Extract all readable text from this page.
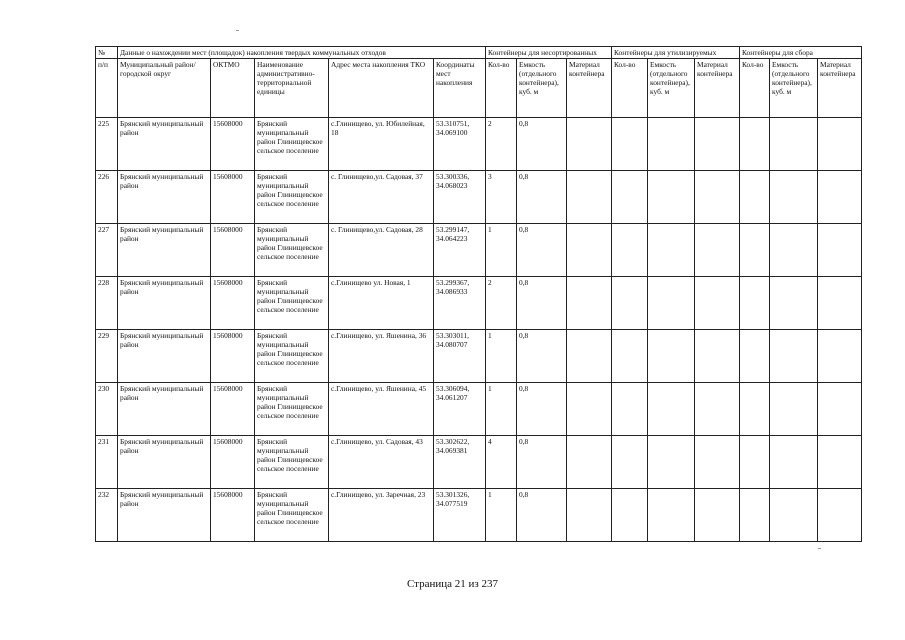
№	Данные о нахождении мест (площадок) накопления твердых коммунальных отходов					Контейнеры для несортированных			Контейнеры для утилизируемых			Контейнеры для сбора		
п/п	Муниципальный район/городской округ	ОКТМО	Наименование административно-территориальной единицы	Адрес места накопления ТКО	Координаты мест накопления	Кол-во	Емкость (отдельного контейнера), куб. м	Материал контейнера	Кол-во	Емкость (отдельного контейнера), куб. м	Материал контейнера	Кол-во	Емкость (отдельного контейнера), куб. м	Материал контейнера
225	Брянский муниципальный район	15608000	Брянский муниципальный район Глинищевское сельское поселение	с.Глинищево, ул. Юбилейная, 18	53.310751, 34.069100	2	0,8							
226	Брянский муниципальный район	15608000	Брянский муниципальный район Глинищевское сельское поселение	с. Глинищево,ул. Садовая, 37	53.300336, 34.068023	3	0,8							
227	Брянский муниципальный район	15608000	Брянский муниципальный район Глинищевское сельское поселение	с. Глинищево,ул. Садовая, 28	53.299147, 34.064223	1	0,8							
228	Брянский муниципальный район	15608000	Брянский муниципальный район Глинищевское сельское поселение	с.Глинищево ул. Новая, 1	53.299367, 34.086933	2	0,8							
229	Брянский муниципальный район	15608000	Брянский муниципальный район Глинищевское сельское поселение	с.Глинищево, ул. Яшенина, 36	53.303011, 34.080707	1	0,8							
230	Брянский муниципальный район	15608000	Брянский муниципальный район Глинищевское сельское поселение	с.Глинищево, ул. Яшенина, 45	53.306094, 34.061207	1	0,8							
231	Брянский муниципальный район	15608000	Брянский муниципальный район Глинищевское сельское поселение	с.Глинищево, ул. Садовая, 43	53.302622, 34.069381	4	0,8							
232	Брянский муниципальный район	15608000	Брянский муниципальный район Глинищевское сельское поселение	с.Глинищево, ул. Заречная, 23	53.301326, 34.077519	1	0,8							
Страница 21 из 237
